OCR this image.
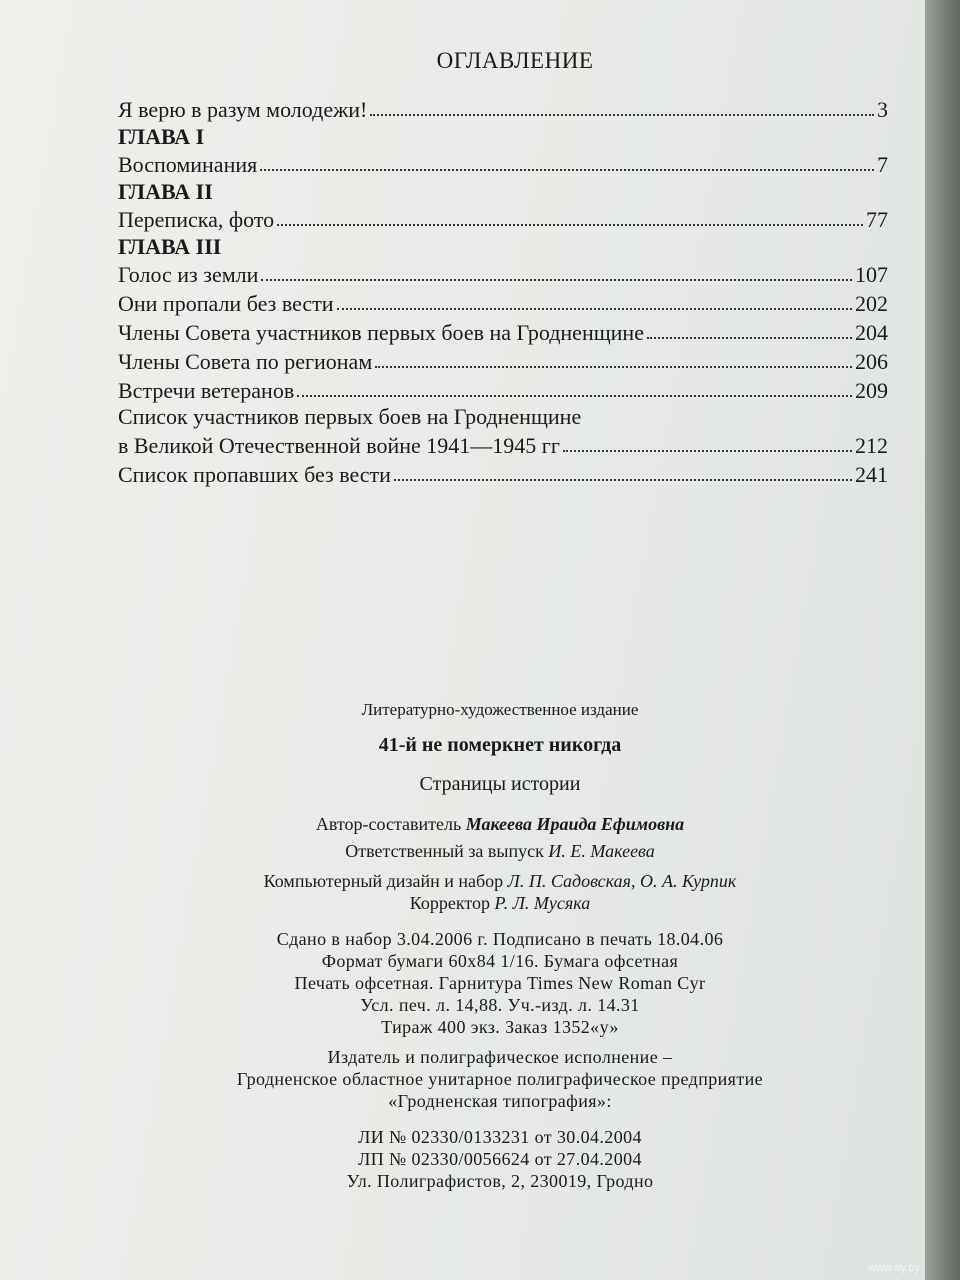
ОГЛАВЛЕНИЕ
Я верю в разум молодежи!	3
ГЛАВА I
Воспоминания	7
ГЛАВА II
Переписка, фото	77
ГЛАВА III
Голос из земли	107
Они пропали без вести	202
Члены Совета участников первых боев на Гродненщине	204
Члены Совета по регионам	206
Встречи ветеранов	209
Список участников первых боев на Гродненщине
в Великой Отечественной войне 1941—1945 гг	212
Список пропавших без вести	241
Литературно-художественное издание
41-й не померкнет никогда
Страницы истории
Автор-составитель Макеева Ираида Ефимовна
Ответственный за выпуск И. Е. Макеева
Компьютерный дизайн и набор Л. П. Садовская, О. А. Курпик
Корректор Р. Л. Мусяка
Сдано в набор 3.04.2006 г. Подписано в печать 18.04.06
Формат бумаги 60х84 1/16. Бумага офсетная
Печать офсетная. Гарнитура Times New Roman Cyr
Усл. печ. л. 14,88. Уч.-изд. л. 14.31
Тираж 400 экз. Заказ 1352«у»
Издатель и полиграфическое исполнение –
Гродненское областное унитарное полиграфическое предприятие
«Гродненская типография»:
ЛИ № 02330/0133231 от 30.04.2004
ЛП № 02330/0056624 от 27.04.2004
Ул. Полиграфистов, 2, 230019, Гродно
www.ay.by
